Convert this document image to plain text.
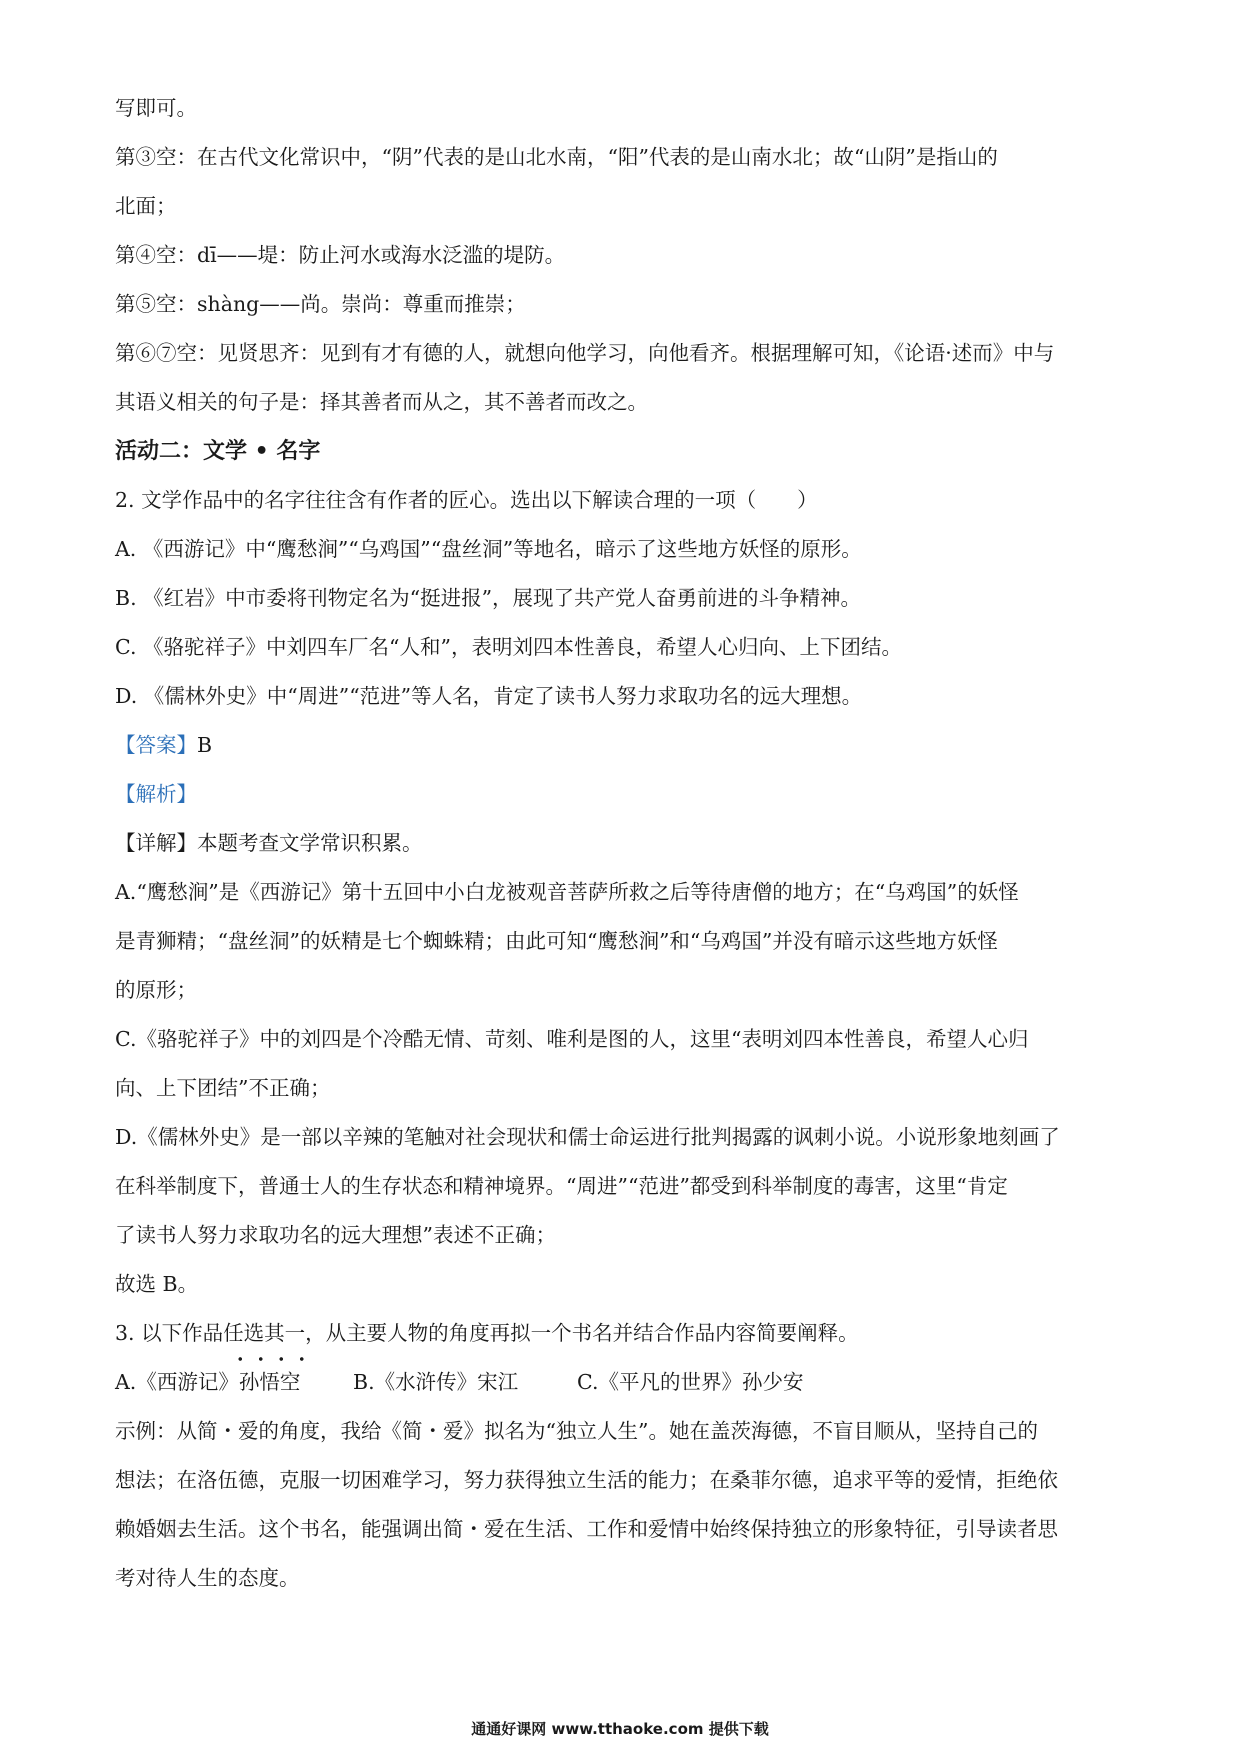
写即可。
第③空：在古代文化常识中，“阴”代表的是山北水南，“阳”代表的是山南水北；故“山阴”是指山的
北面；
第④空：dī——堤：防止河水或海水泛滥的堤防。
第⑤空：shàng——尚。崇尚：尊重而推崇；
第⑥⑦空：见贤思齐：见到有才有德的人，就想向他学习，向他看齐。根据理解可知，《论语·述而》中与
其语义相关的句子是：择其善者而从之，其不善者而改之。
活动二：文学 • 名字
2. 文学作品中的名字往往含有作者的匠心。选出以下解读合理的一项（　　）
A. 《西游记》中“鹰愁涧”“乌鸡国”“盘丝洞”等地名，暗示了这些地方妖怪的原形。
B. 《红岩》中市委将刊物定名为“挺进报”，展现了共产党人奋勇前进的斗争精神。
C. 《骆驼祥子》中刘四车厂名“人和”，表明刘四本性善良，希望人心归向、上下团结。
D. 《儒林外史》中“周进”“范进”等人名，肯定了读书人努力求取功名的远大理想。
【答案】B
【解析】
【详解】本题考查文学常识积累。
A.“鹰愁涧”是《西游记》第十五回中小白龙被观音菩萨所救之后等待唐僧的地方；在“乌鸡国”的妖怪
是青狮精；“盘丝洞”的妖精是七个蜘蛛精；由此可知“鹰愁涧”和“乌鸡国”并没有暗示这些地方妖怪
的原形；
C.《骆驼祥子》中的刘四是个冷酷无情、苛刻、唯利是图的人，这里“表明刘四本性善良，希望人心归
向、上下团结”不正确；
D.《儒林外史》是一部以辛辣的笔触对社会现状和儒士命运进行批判揭露的讽刺小说。小说形象地刻画了
在科举制度下，普通士人的生存状态和精神境界。“周进”“范进”都受到科举制度的毒害，这里“肯定
了读书人努力求取功名的远大理想”表述不正确；
故选 B。
3. 以下作品任选其一
，从主要人物的角度再拟一个书名并结合作品内容简要阐释。
A.《西游记》孙悟空	B.《水浒传》宋江	C.《平凡的世界》孙少安
示例：从简・爱的角度，我给《简・爱》拟名为“独立人生”。她在盖茨海德，不盲目顺从，坚持自己的
想法；在洛伍德，克服一切困难学习，努力获得独立生活的能力；在桑菲尔德，追求平等的爱情，拒绝依
赖婚姻去生活。这个书名，能强调出简・爱在生活、工作和爱情中始终保持独立的形象特征，引导读者思
考对待人生的态度。
通通好课网 www.tthaoke.com 提供下载
